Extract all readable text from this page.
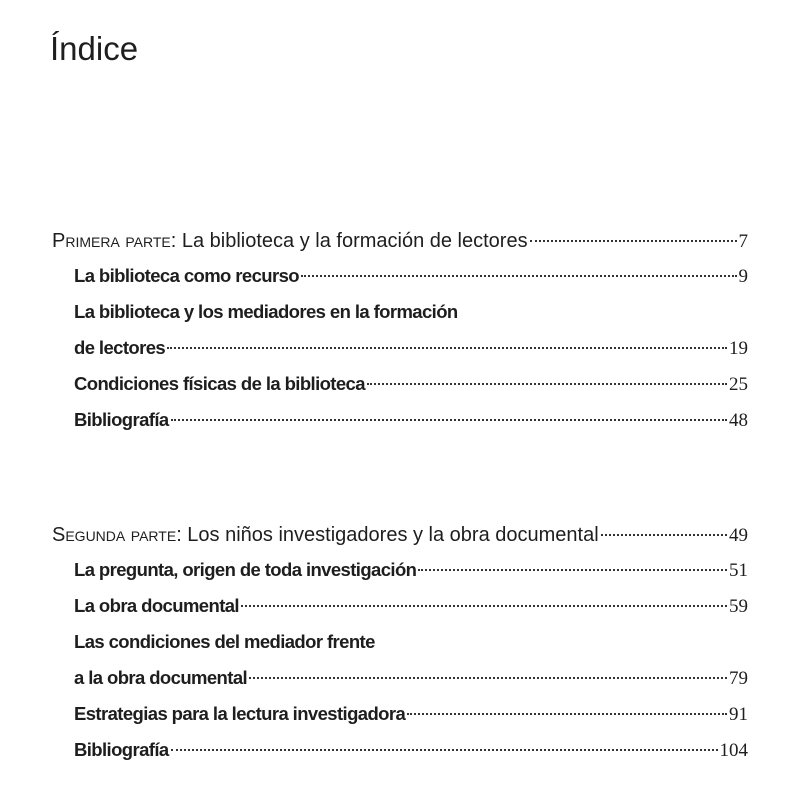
Índice
Primera parte: La biblioteca y la formación de lectores	7
La biblioteca como recurso	9
La biblioteca y los mediadores en la formación
de lectores	19
Condiciones físicas de la biblioteca	25
Bibliografía	48
Segunda parte: Los niños investigadores y la obra documental	49
La pregunta, origen de toda investigación	51
La obra documental	59
Las condiciones del mediador frente
a la obra documental	79
Estrategias para la lectura investigadora	91
Bibliografía	104
